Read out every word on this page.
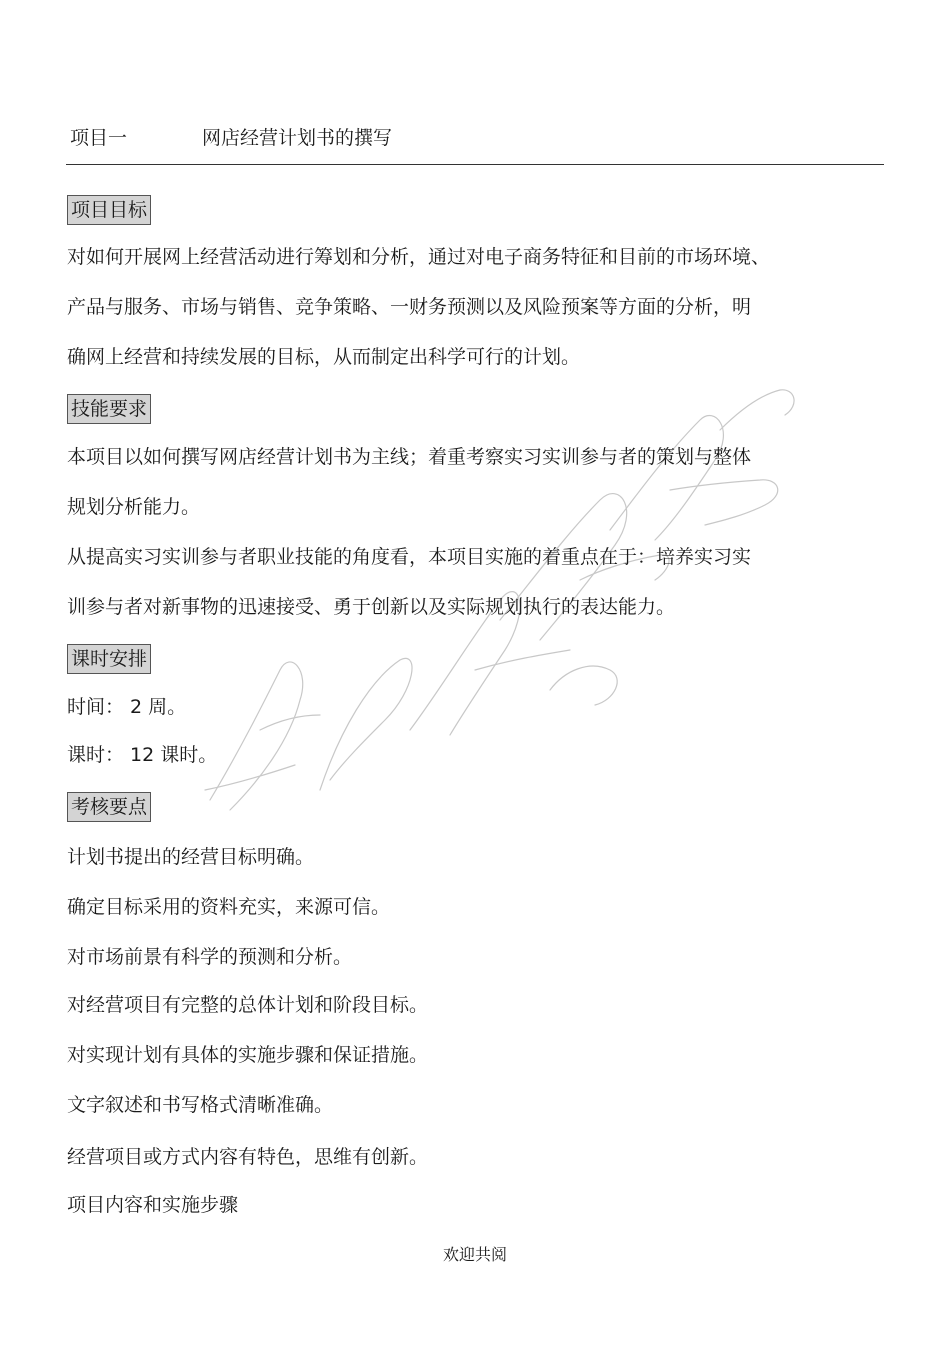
项目一	网店经营计划书的撰写
项目目标
对如何开展网上经营活动进行筹划和分析，通过对电子商务特征和目前的市场环境、
产品与服务、市场与销售、竞争策略、一财务预测以及风险预案等方面的分析，明
确网上经营和持续发展的目标，从而制定出科学可行的计划。
技能要求
本项目以如何撰写网店经营计划书为主线；着重考察实习实训参与者的策划与整体
规划分析能力。
从提高实习实训参与者职业技能的角度看，本项目实施的着重点在于：培养实习实
训参与者对新事物的迅速接受、勇于创新以及实际规划执行的表达能力。
课时安排
时间： 2 周。
课时： 12 课时。
考核要点
计划书提出的经营目标明确。
确定目标采用的资料充实，来源可信。
对市场前景有科学的预测和分析。
对经营项目有完整的总体计划和阶段目标。
对实现计划有具体的实施步骤和保证措施。
文字叙述和书写格式清晰准确。
经营项目或方式内容有特色，思维有创新。
项目内容和实施步骤
欢迎共阅
